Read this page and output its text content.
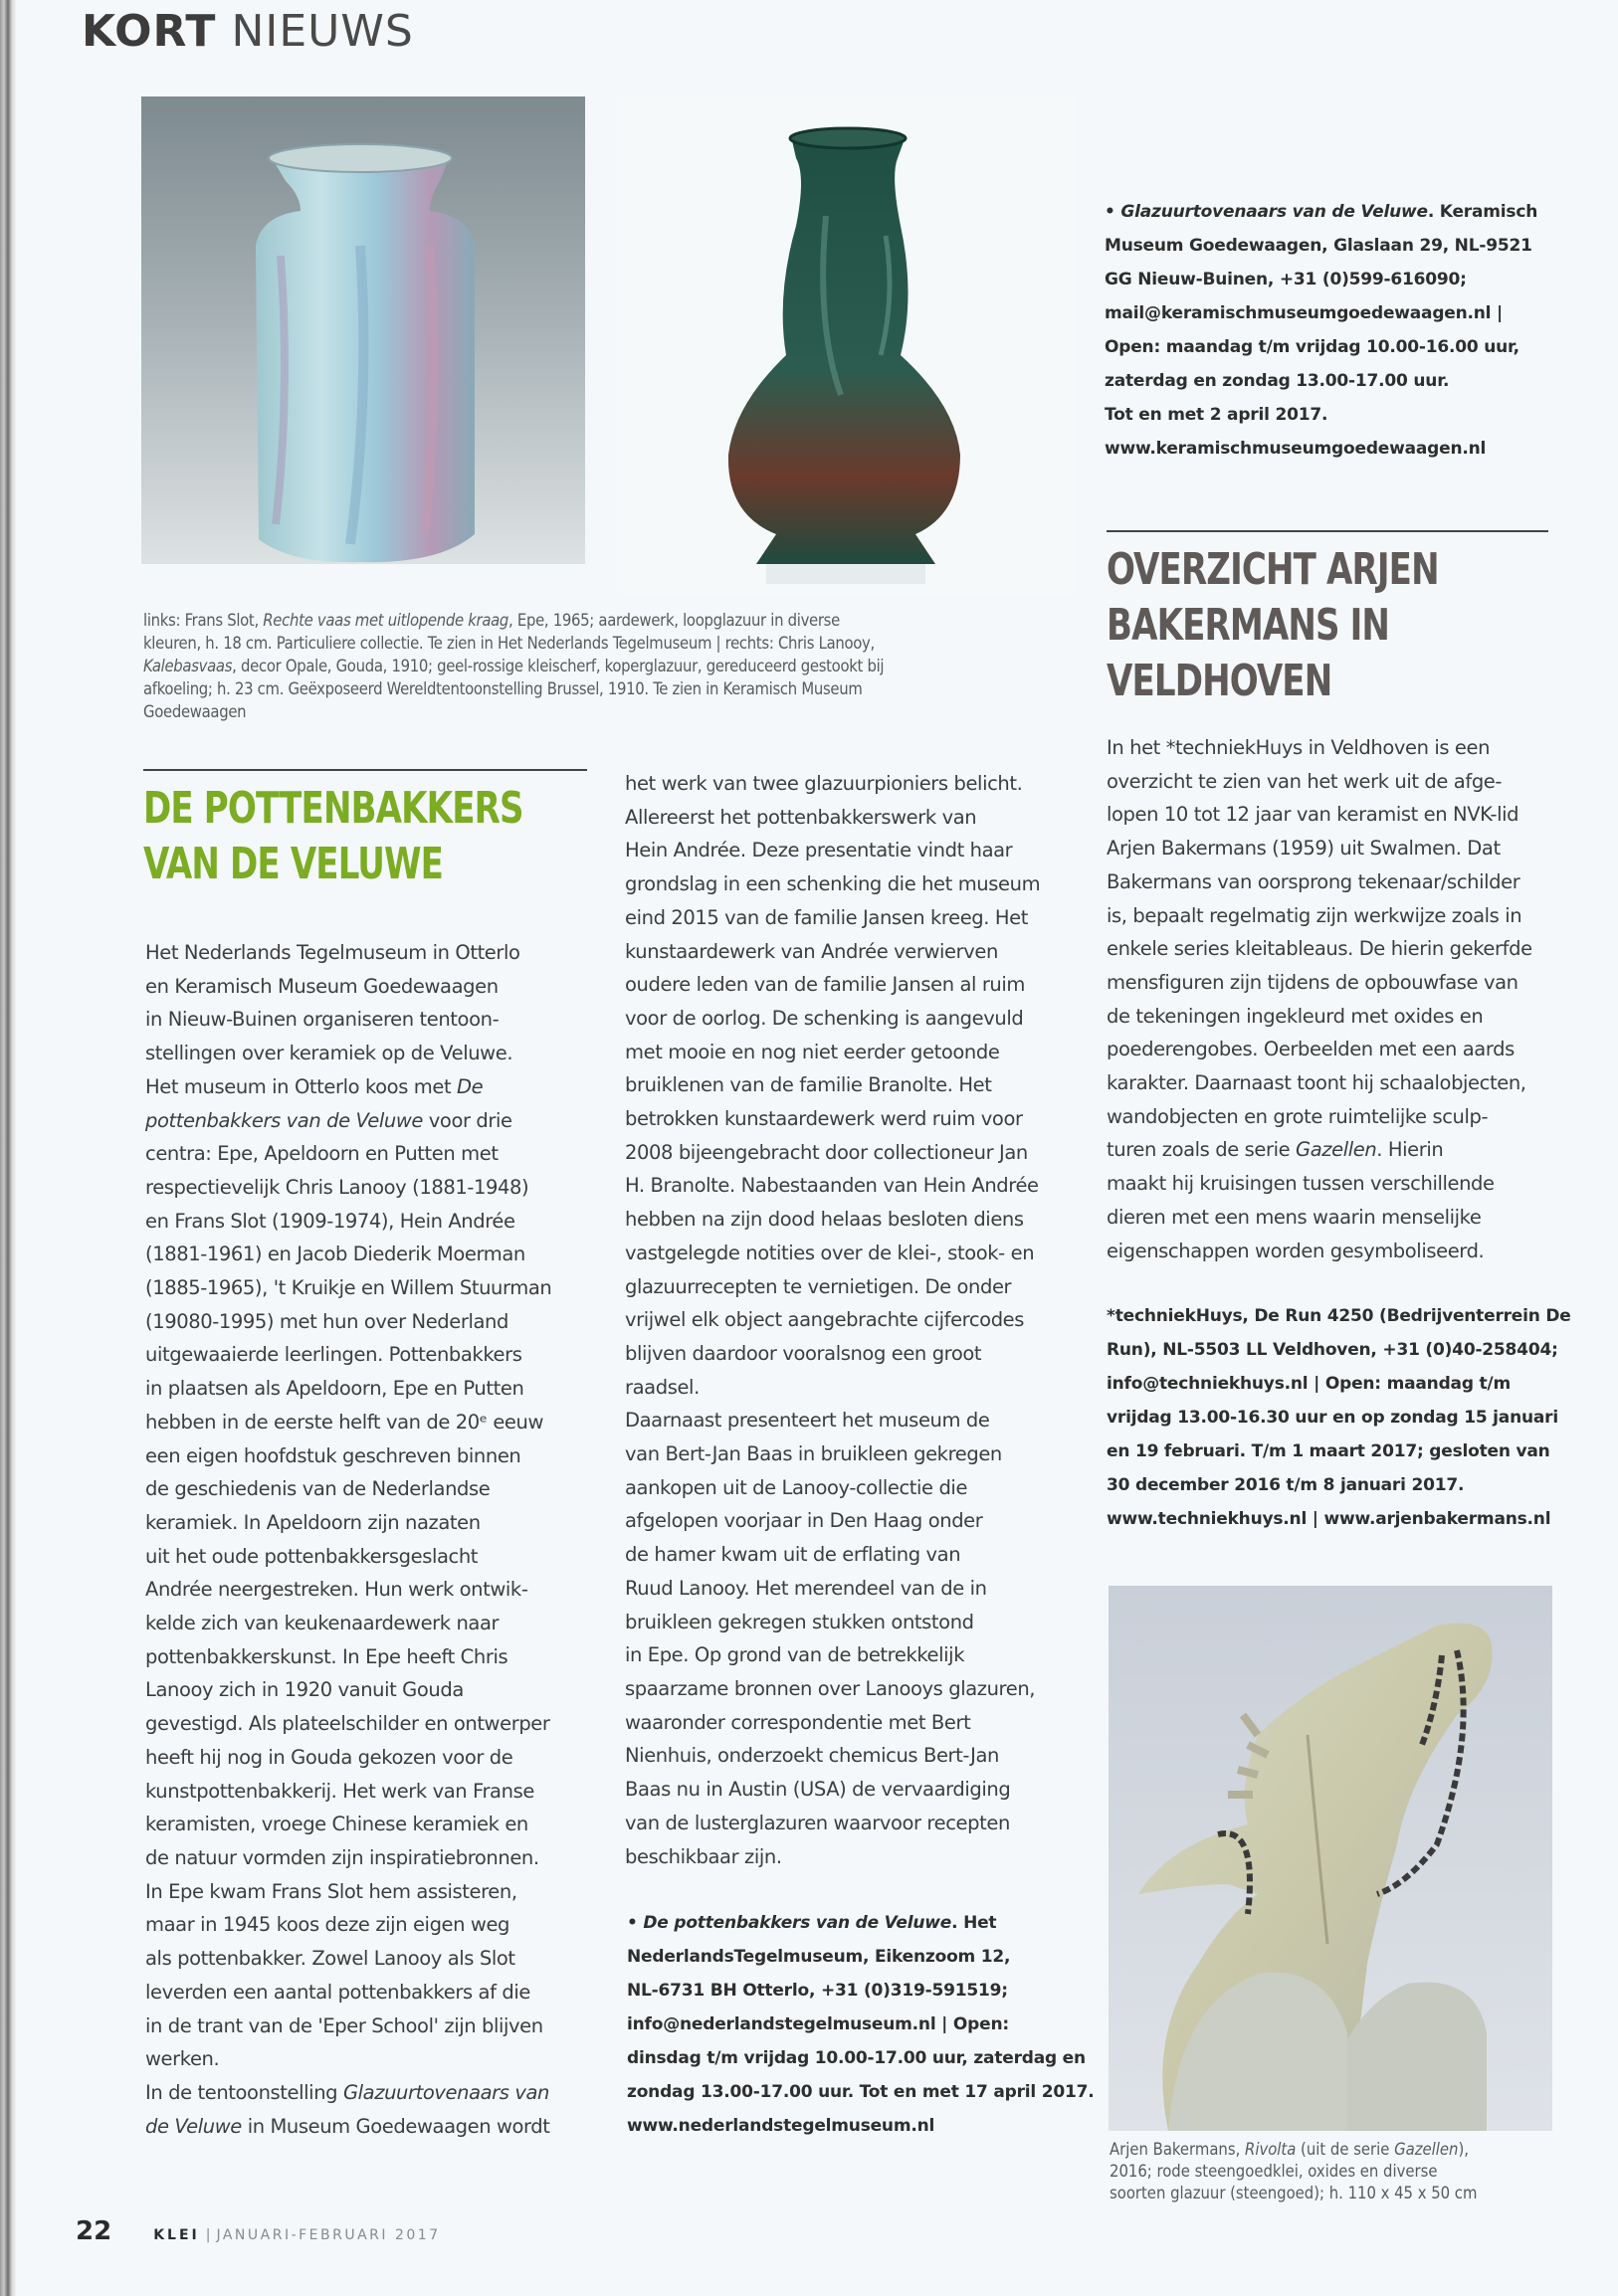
KORT NIEUWS
links: Frans Slot, Rechte vaas met uitlopende kraag, Epe, 1965; aardewerk, loopglazuur in diverse
kleuren, h. 18 cm. Particuliere collectie. Te zien in Het Nederlands Tegelmuseum | rechts: Chris Lanooy,
Kalebasvaas, decor Opale, Gouda, 1910; geel-rossige kleischerf, koperglazuur, gereduceerd gestookt bij
afkoeling; h. 23 cm. Geëxposeerd Wereldtentoonstelling Brussel, 1910. Te zien in Keramisch Museum
Goedewaagen
• Glazuurtovenaars van de Veluwe. Keramisch
Museum Goedewaagen, Glaslaan 29, NL-9521
GG Nieuw-Buinen, +31 (0)599-616090;
mail@keramischmuseumgoedewaagen.nl |
Open: maandag t/m vrijdag 10.00-16.00 uur,
zaterdag en zondag 13.00-17.00 uur.
Tot en met 2 april 2017.
www.keramischmuseumgoedewaagen.nl
DE POTTENBAKKERS
VAN DE VELUWE
Het Nederlands Tegelmuseum in Otterlo
en Keramisch Museum Goedewaagen
in Nieuw-Buinen organiseren tentoon-
stellingen over keramiek op de Veluwe.
Het museum in Otterlo koos met De
pottenbakkers van de Veluwe voor drie
centra: Epe, Apeldoorn en Putten met
respectievelijk Chris Lanooy (1881-1948)
en Frans Slot (1909-1974), Hein Andrée
(1881-1961) en Jacob Diederik Moerman
(1885-1965), 't Kruikje en Willem Stuurman
(19080-1995) met hun over Nederland
uitgewaaierde leerlingen. Pottenbakkers
in plaatsen als Apeldoorn, Epe en Putten
hebben in de eerste helft van de 20ᵉ eeuw
een eigen hoofdstuk geschreven binnen
de geschiedenis van de Nederlandse
keramiek. In Apeldoorn zijn nazaten
uit het oude pottenbakkersgeslacht
Andrée neergestreken. Hun werk ontwik-
kelde zich van keukenaardewerk naar
pottenbakkerskunst. In Epe heeft Chris
Lanooy zich in 1920 vanuit Gouda
gevestigd. Als plateelschilder en ontwerper
heeft hij nog in Gouda gekozen voor de
kunstpottenbakkerij. Het werk van Franse
keramisten, vroege Chinese keramiek en
de natuur vormden zijn inspiratiebronnen.
In Epe kwam Frans Slot hem assisteren,
maar in 1945 koos deze zijn eigen weg
als pottenbakker. Zowel Lanooy als Slot
leverden een aantal pottenbakkers af die
in de trant van de 'Eper School' zijn blijven
werken.
In de tentoonstelling Glazuurtovenaars van
de Veluwe in Museum Goedewaagen wordt
het werk van twee glazuurpioniers belicht.
Allereerst het pottenbakkerswerk van
Hein Andrée. Deze presentatie vindt haar
grondslag in een schenking die het museum
eind 2015 van de familie Jansen kreeg. Het
kunstaardewerk van Andrée verwierven
oudere leden van de familie Jansen al ruim
voor de oorlog. De schenking is aangevuld
met mooie en nog niet eerder getoonde
bruiklenen van de familie Branolte. Het
betrokken kunstaardewerk werd ruim voor
2008 bijeengebracht door collectioneur Jan
H. Branolte. Nabestaanden van Hein Andrée
hebben na zijn dood helaas besloten diens
vastgelegde notities over de klei-, stook- en
glazuurrecepten te vernietigen. De onder
vrijwel elk object aangebrachte cijfercodes
blijven daardoor vooralsnog een groot
raadsel.
Daarnaast presenteert het museum de
van Bert-Jan Baas in bruikleen gekregen
aankopen uit de Lanooy-collectie die
afgelopen voorjaar in Den Haag onder
de hamer kwam uit de erflating van
Ruud Lanooy. Het merendeel van de in
bruikleen gekregen stukken ontstond
in Epe. Op grond van de betrekkelijk
spaarzame bronnen over Lanooys glazuren,
waaronder correspondentie met Bert
Nienhuis, onderzoekt chemicus Bert-Jan
Baas nu in Austin (USA) de vervaardiging
van de lusterglazuren waarvoor recepten
beschikbaar zijn.
• De pottenbakkers van de Veluwe. Het
NederlandsTegelmuseum, Eikenzoom 12,
NL-6731 BH Otterlo, +31 (0)319-591519;
info@nederlandstegelmuseum.nl | Open:
dinsdag t/m vrijdag 10.00-17.00 uur, zaterdag en
zondag 13.00-17.00 uur. Tot en met 17 april 2017.
www.nederlandstegelmuseum.nl
OVERZICHT ARJEN
BAKERMANS IN
VELDHOVEN
In het *techniekHuys in Veldhoven is een
overzicht te zien van het werk uit de afge-
lopen 10 tot 12 jaar van keramist en NVK-lid
Arjen Bakermans (1959) uit Swalmen. Dat
Bakermans van oorsprong tekenaar/schilder
is, bepaalt regelmatig zijn werkwijze zoals in
enkele series kleitableaus. De hierin gekerfde
mensfiguren zijn tijdens de opbouwfase van
de tekeningen ingekleurd met oxides en
poederengobes. Oerbeelden met een aards
karakter. Daarnaast toont hij schaalobjecten,
wandobjecten en grote ruimtelijke sculp-
turen zoals de serie Gazellen. Hierin
maakt hij kruisingen tussen verschillende
dieren met een mens waarin menselijke
eigenschappen worden gesymboliseerd.
*techniekHuys, De Run 4250 (Bedrijventerrein De
Run), NL-5503 LL Veldhoven, +31 (0)40-258404;
info@techniekhuys.nl | Open: maandag t/m
vrijdag 13.00-16.30 uur en op zondag 15 januari
en 19 februari. T/m 1 maart 2017; gesloten van
30 december 2016 t/m 8 januari 2017.
www.techniekhuys.nl | www.arjenbakermans.nl
Arjen Bakermans, Rivolta (uit de serie Gazellen),
2016; rode steengoedklei, oxides en diverse
soorten glazuur (steengoed); h. 110 x 45 x 50 cm
22	KLEI | JANUARI-FEBRUARI 2017
